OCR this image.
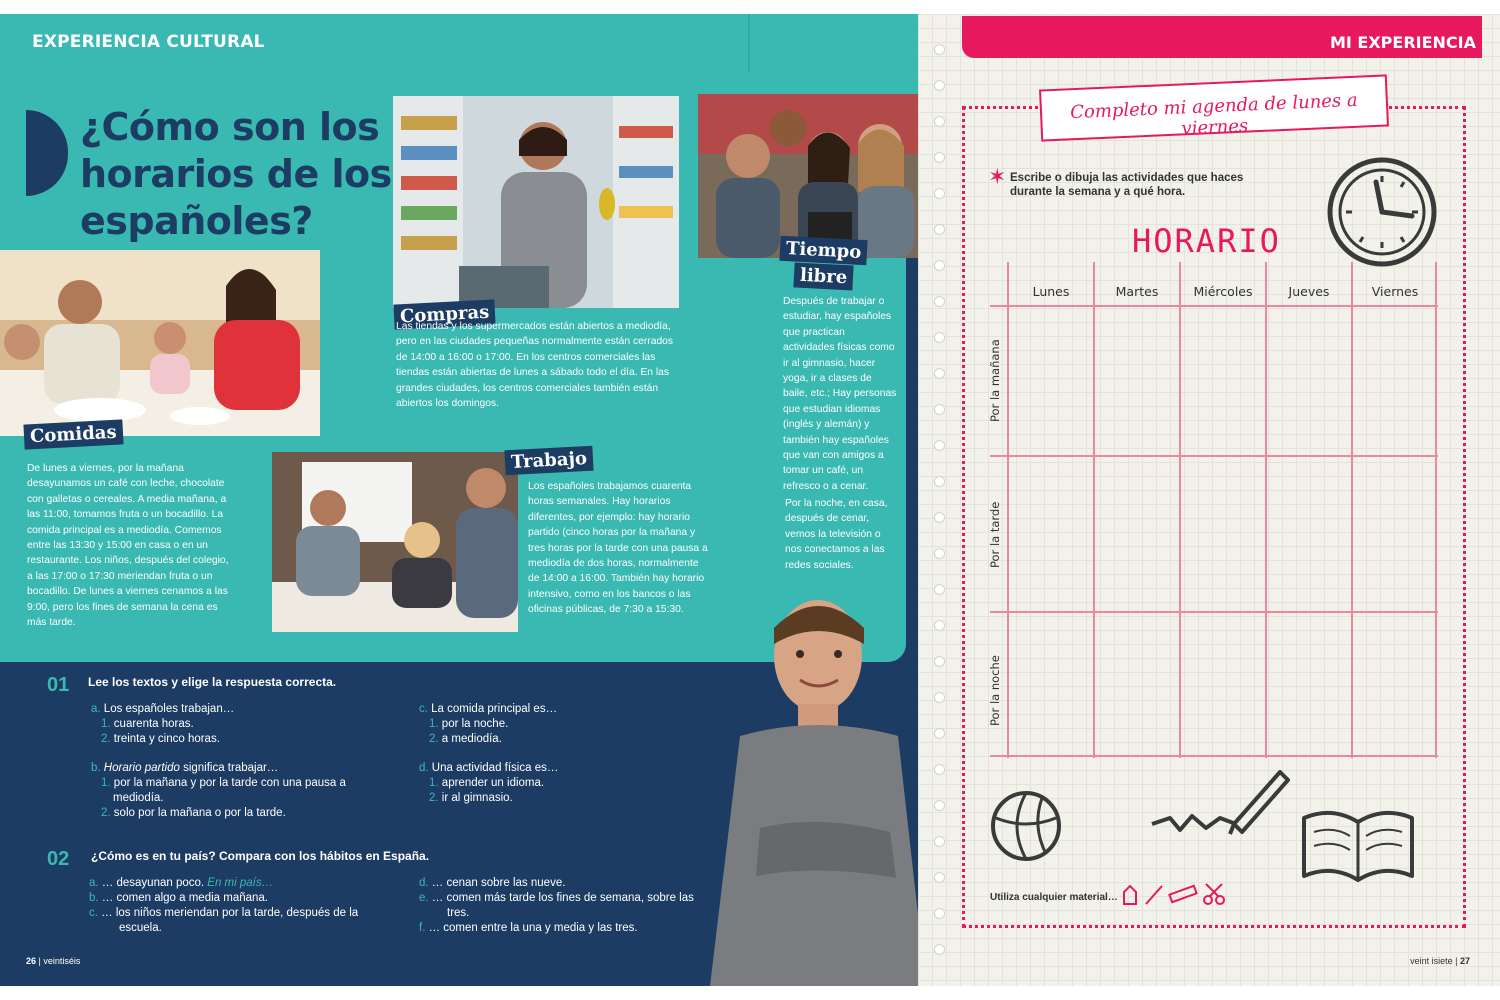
EXPERIENCIA CULTURAL
¿Cómo son los
horarios de los
españoles?
Comidas
De lunes a viernes, por la mañana desayunamos un café con leche, chocolate con galletas o cereales. A media mañana, a las 11:00, tomamos fruta o un bocadillo. La comida principal es a mediodía. Comemos entre las 13:30 y 15:00 en casa o en un restaurante. Los niños, después del colegio, a las 17:00 o 17:30 meriendan fruta o un bocadillo. De lunes a viernes cenamos a las 9:00, pero los fines de semana la cena es más tarde.
Compras
Las tiendas y los supermercados están abiertos a mediodía, pero en las ciudades pequeñas normalmente están cerrados de 14:00 a 16:00 o 17:00. En los centros comerciales las tiendas están abiertas de lunes a sábado todo el día. En las grandes ciudades, los centros comerciales también están abiertos los domingos.
Tiempo
libre
Después de trabajar o estudiar, hay españoles que practican actividades físicas como ir al gimnasio, hacer yoga, ir a clases de baile, etc.; Hay personas que estudian idiomas (inglés y alemán) y también hay españoles que van con amigos a tomar un café, un refresco o a cenar.
Por la noche, en casa, después de cenar, vemos la televisión o nos conectamos a las redes sociales.
Trabajo
Los españoles trabajamos cuarenta horas semanales. Hay horarios diferentes, por ejemplo: hay horario partido (cinco horas por la mañana y tres horas por la tarde con una pausa a mediodía de dos horas, normalmente de 14:00 a 16:00. También hay horario intensivo, como en los bancos o las oficinas públicas, de 7:30 a 15:30.
01 Lee los textos y elige la respuesta correcta.
a. Los españoles trabajan…
1. cuarenta horas.
2. treinta y cinco horas.
b. Horario partido significa trabajar…
1. por la mañana y por la tarde con una pausa a mediodía.
2. solo por la mañana o por la tarde.
c. La comida principal es…
1. por la noche.
2. a mediodía.
d. Una actividad física es…
1. aprender un idioma.
2. ir al gimnasio.
02 ¿Cómo es en tu país? Compara con los hábitos en España.
a. … desayunan poco. En mi país…
b. … comen algo a media mañana.
c. … los niños meriendan por la tarde, después de la escuela.
d. … cenan sobre las nueve.
e. … comen más tarde los fines de semana, sobre las tres.
f. … comen entre la una y media y las tres.
26 | veintiséis
MI EXPERIENCIA
Completo mi agenda de lunes a viernes
✶ Escribe o dibuja las actividades que haces durante la semana y a qué hora.
HORARIO
Lunes	Martes	Miércoles	Jueves	Viernes
Por la mañana
Por la tarde
Por la noche
Utiliza cualquier material…
veint isiete | 27
